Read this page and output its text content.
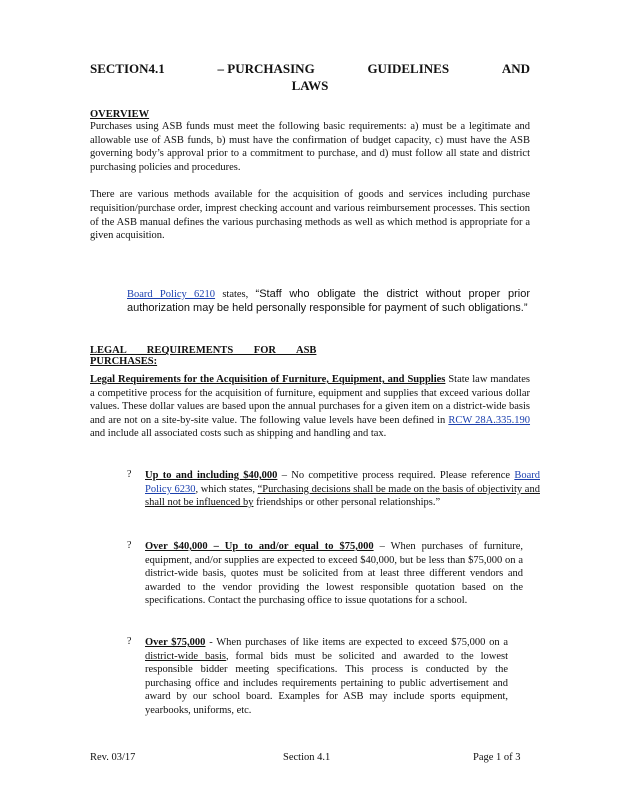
SECTION4.1	– PURCHASING	GUIDELINES	AND
LAWS
OVERVIEW

Purchases using ASB funds must meet the following basic requirements: a) must be a legitimate and allowable use of ASB funds, b) must have the confirmation of budget capacity, c) must have the ASB governing body’s approval prior to a commitment to purchase, and d) must follow all state and district purchasing policies and procedures.

There are various methods available for the acquisition of goods and services including purchase requisition/purchase order, imprest checking account and various reimbursement processes. This section of the ASB manual defines the various purchasing methods as well as which method is appropriate for a given acquisition.

Board Policy 6210 states, “Staff who obligate the district without proper prior authorization may be held personally responsible for payment of such obligations.”

LEGAL REQUIREMENTS FOR ASB PURCHASES:

Legal Requirements for the Acquisition of Furniture, Equipment, and Supplies State law mandates a competitive process for the acquisition of furniture, equipment and supplies that exceed various dollar values. These dollar values are based upon the annual purchases for a given item on a district-wide basis and are not on a site-by-site value. The following value levels have been defined in RCW 28A.335.190 and include all associated costs such as shipping and handling and tax.

? Up to and including $40,000 – No competitive process required. Please reference Board Policy 6230, which states, “Purchasing decisions shall be made on the basis of objectivity and shall not be influenced by friendships or other personal relationships.”

? Over $40,000 – Up to and/or equal to $75,000 – When purchases of furniture, equipment, and/or supplies are expected to exceed $40,000, but be less than $75,000 on a district-wide basis, quotes must be solicited from at least three different vendors and awarded to the vendor providing the lowest responsible quotation based on the specifications. Contact the purchasing office to issue quotations for a school.

? Over $75,000 - When purchases of like items are expected to exceed $75,000 on a district-wide basis, formal bids must be solicited and awarded to the lowest responsible bidder meeting specifications. This process is conducted by the purchasing office and includes requirements pertaining to public advertisement and award by our school board. Examples for ASB may include sports equipment, yearbooks, uniforms, etc.

Rev. 03/17	Section 4.1	Page 1 of 3
